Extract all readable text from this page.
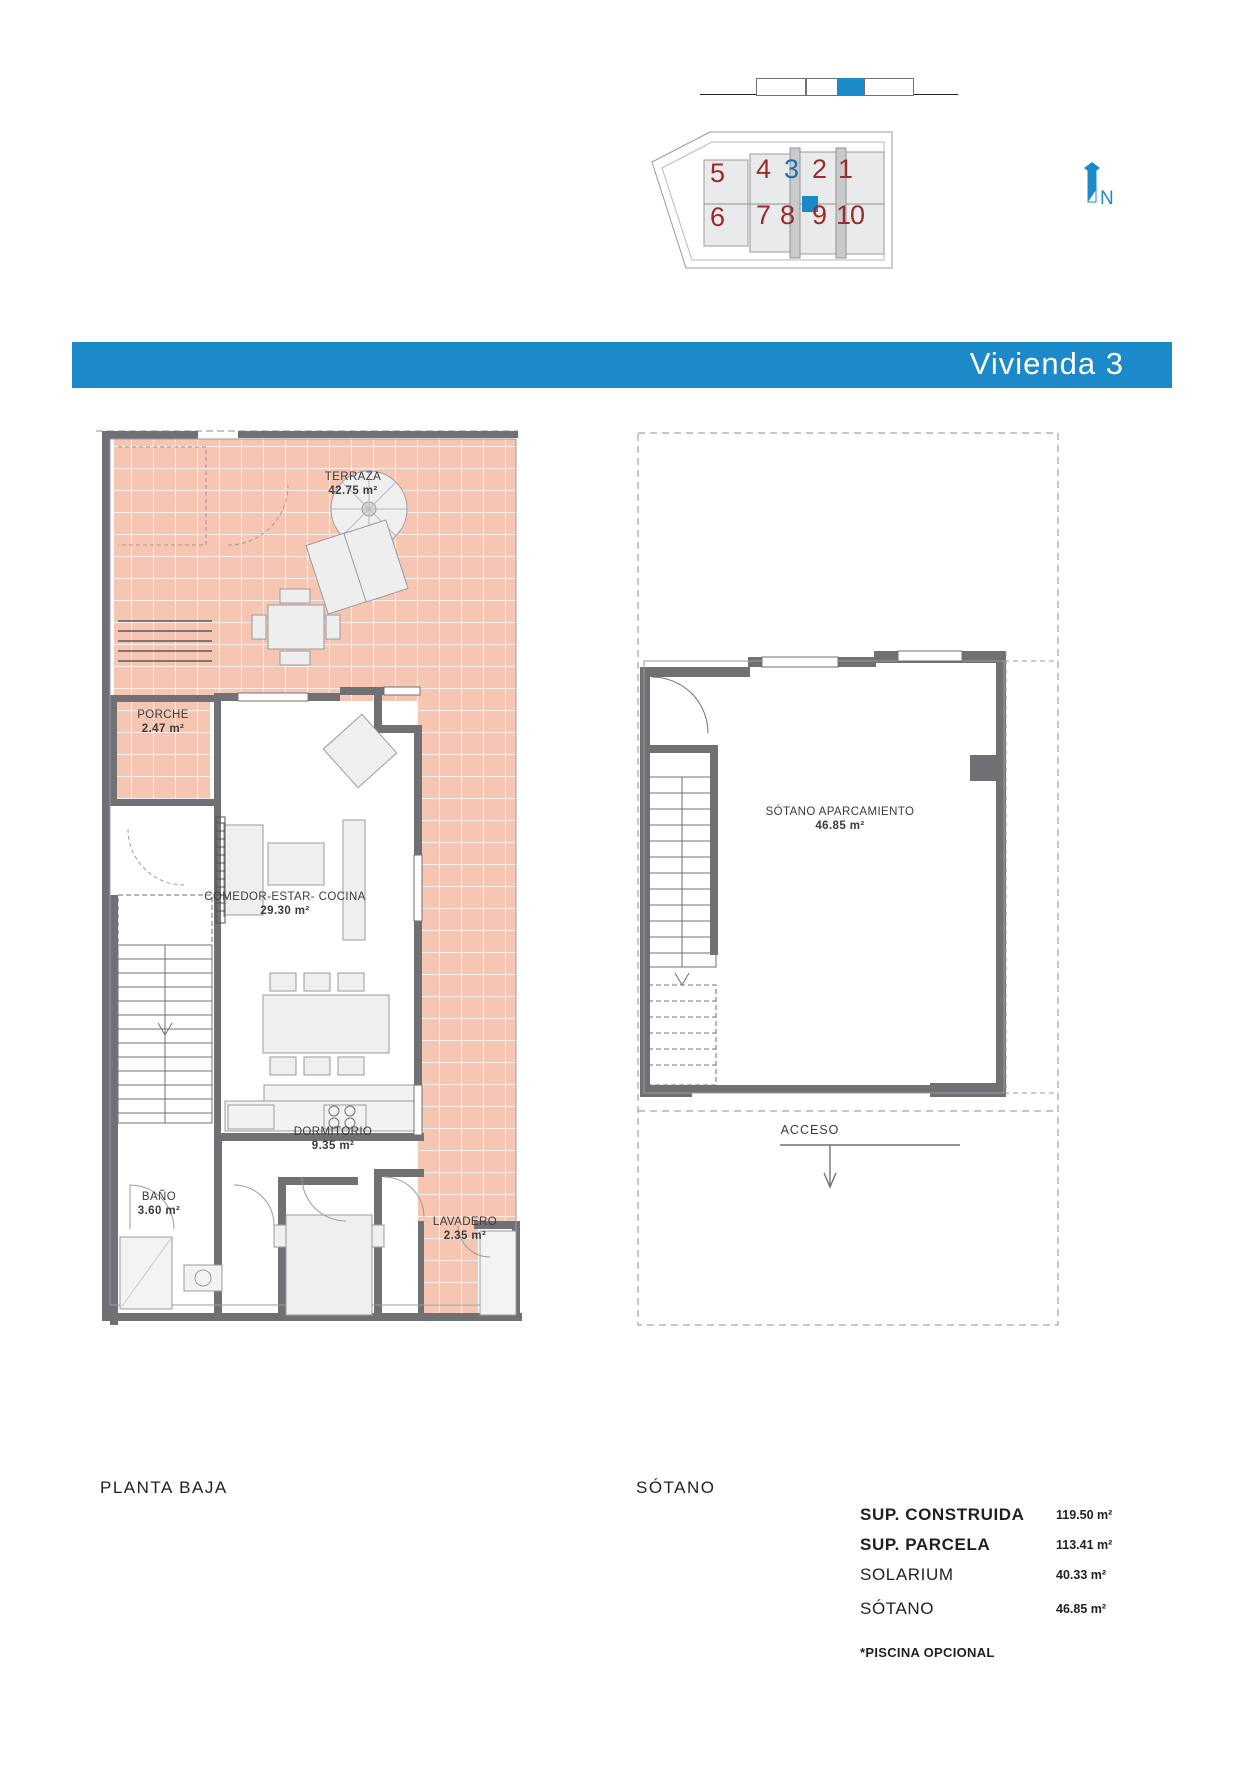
5 4 3 2 1
6 7 8 9 10
N
Vivienda 3
TERRAZA
42.75 m²
PORCHE
2.47 m²
COMEDOR-ESTAR- COCINA
29.30 m²
DORMITORIO
9.35 m²
BAÑO
3.60 m²
LAVADERO
2.35 m²
SÓTANO APARCAMIENTO
46.85 m²
ACCESO
PLANTA BAJA	SÓTANO
SUP. CONSTRUIDA	119.50 m²
SUP. PARCELA	113.41 m²
SOLARIUM	40.33 m²
SÓTANO	46.85 m²
*PISCINA OPCIONAL
